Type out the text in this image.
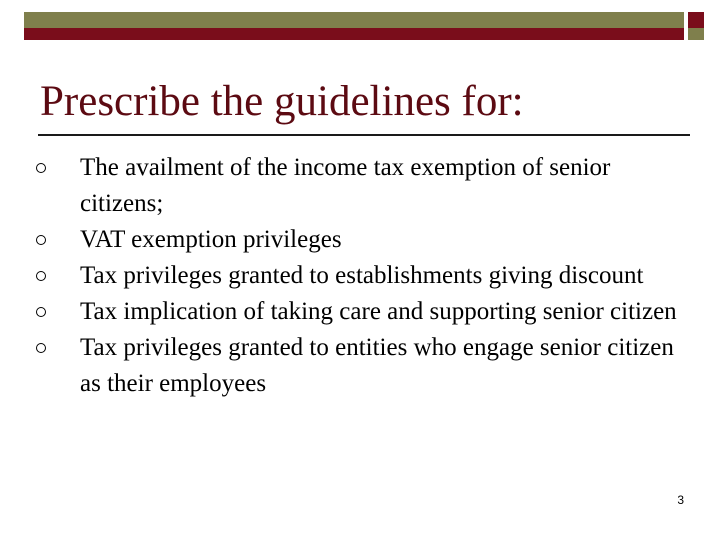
Prescribe the guidelines for:
The availment of the income tax exemption of senior citizens;
VAT exemption privileges
Tax privileges granted to establishments giving discount
Tax implication of taking care and supporting senior citizen
Tax privileges granted to entities who engage senior citizen as their employees
3
